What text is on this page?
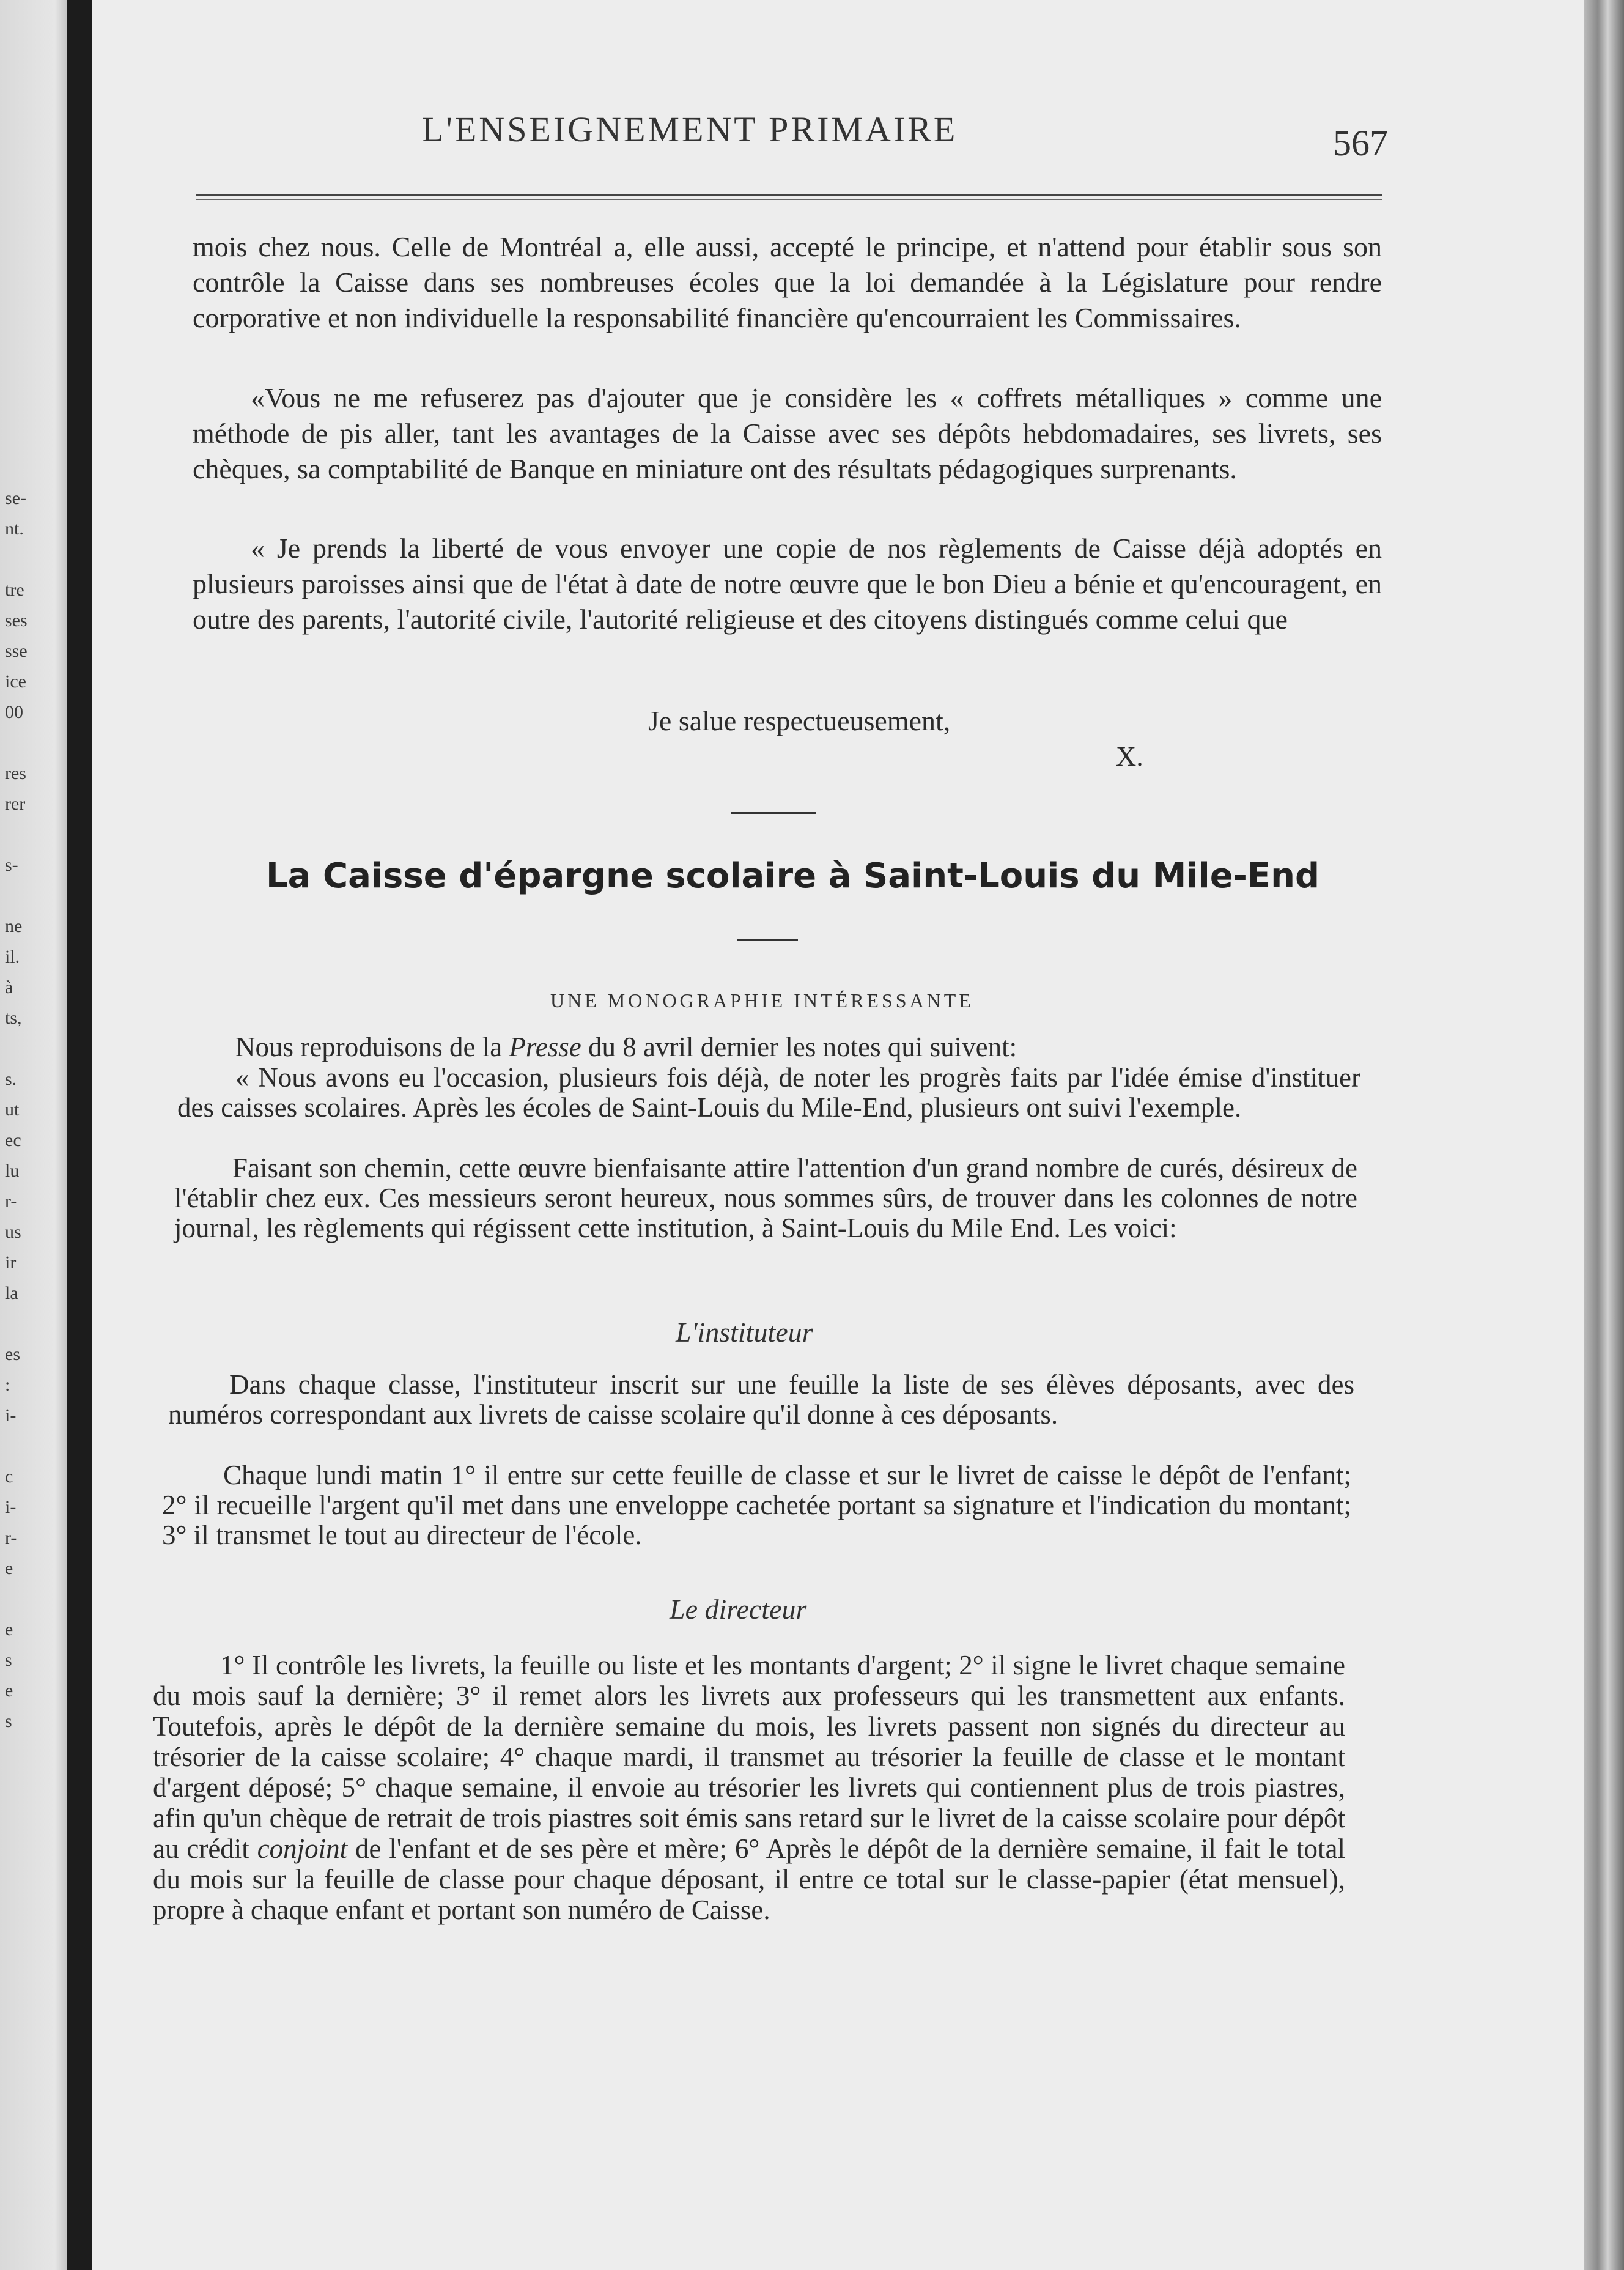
se-
nt.
tre
ses
sse
ice
00
res
rer
s-
ne
il.
à
ts,
s.
ut
ec
lu
r-
us
ir
la
es
:
i-
c
i-
r-
e
e
s
e
s
L'ENSEIGNEMENT PRIMAIRE	567

mois chez nous. Celle de Montréal a, elle aussi, accepté le principe, et n'attend pour établir sous son contrôle la Caisse dans ses nombreuses écoles que la loi demandée à la Législature pour rendre corporative et non individuelle la responsabilité financière qu'encourraient les Commissaires.

«Vous ne me refuserez pas d'ajouter que je considère les « coffrets métalliques » comme une méthode de pis aller, tant les avantages de la Caisse avec ses dépôts hebdomadaires, ses livrets, ses chèques, sa comptabilité de Banque en miniature ont des résultats pédagogiques surprenants.

« Je prends la liberté de vous envoyer une copie de nos règlements de Caisse déjà adoptés en plusieurs paroisses ainsi que de l'état à date de notre œuvre que le bon Dieu a bénie et qu'encouragent, en outre des parents, l'autorité civile, l'autorité religieuse et des citoyens distingués comme celui que

Je salue respectueusement,
X.
La Caisse d'épargne scolaire à Saint-Louis du Mile-End
UNE MONOGRAPHIE INTÉRESSANTE

Nous reproduisons de la Presse du 8 avril dernier les notes qui suivent:

« Nous avons eu l'occasion, plusieurs fois déjà, de noter les progrès faits par l'idée émise d'instituer des caisses scolaires. Après les écoles de Saint-Louis du Mile-End, plusieurs ont suivi l'exemple.

Faisant son chemin, cette œuvre bienfaisante attire l'attention d'un grand nombre de curés, désireux de l'établir chez eux. Ces messieurs seront heureux, nous sommes sûrs, de trouver dans les colonnes de notre journal, les règlements qui régissent cette institution, à Saint-Louis du Mile End. Les voici:

L'instituteur

Dans chaque classe, l'instituteur inscrit sur une feuille la liste de ses élèves déposants, avec des numéros correspondant aux livrets de caisse scolaire qu'il donne à ces déposants.

Chaque lundi matin 1° il entre sur cette feuille de classe et sur le livret de caisse le dépôt de l'enfant; 2° il recueille l'argent qu'il met dans une enveloppe cachetée portant sa signature et l'indication du montant; 3° il transmet le tout au directeur de l'école.

Le directeur

1° Il contrôle les livrets, la feuille ou liste et les montants d'argent; 2° il signe le livret chaque semaine du mois sauf la dernière; 3° il remet alors les livrets aux professeurs qui les transmettent aux enfants. Toutefois, après le dépôt de la dernière semaine du mois, les livrets passent non signés du directeur au trésorier de la caisse scolaire; 4° chaque mardi, il transmet au trésorier la feuille de classe et le montant d'argent déposé; 5° chaque semaine, il envoie au trésorier les livrets qui contiennent plus de trois piastres, afin qu'un chèque de retrait de trois piastres soit émis sans retard sur le livret de la caisse scolaire pour dépôt au crédit conjoint de l'enfant et de ses père et mère; 6° Après le dépôt de la dernière semaine, il fait le total du mois sur la feuille de classe pour chaque déposant, il entre ce total sur le classe-papier (état mensuel), propre à chaque enfant et portant son numéro de Caisse.
